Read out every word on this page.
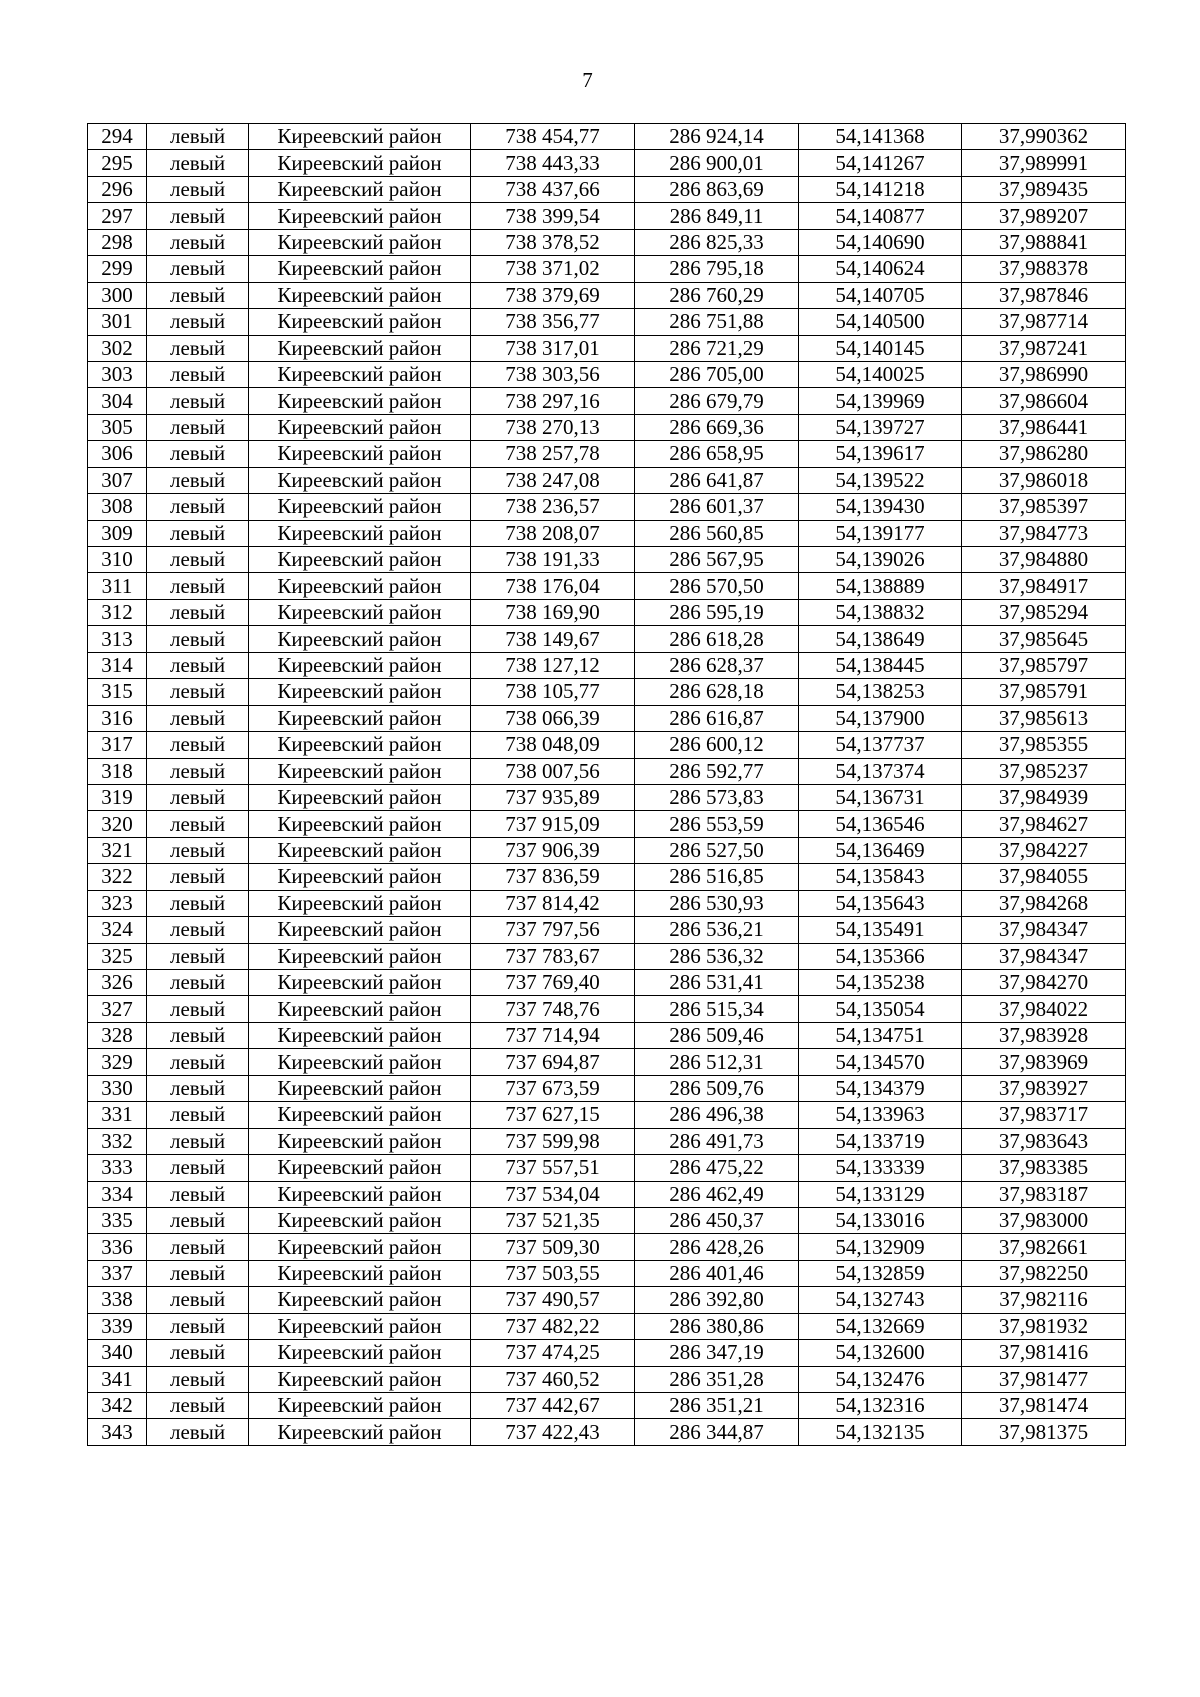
7
294	левый	Киреевский район	738 454,77	286 924,14	54,141368	37,990362
295	левый	Киреевский район	738 443,33	286 900,01	54,141267	37,989991
296	левый	Киреевский район	738 437,66	286 863,69	54,141218	37,989435
297	левый	Киреевский район	738 399,54	286 849,11	54,140877	37,989207
298	левый	Киреевский район	738 378,52	286 825,33	54,140690	37,988841
299	левый	Киреевский район	738 371,02	286 795,18	54,140624	37,988378
300	левый	Киреевский район	738 379,69	286 760,29	54,140705	37,987846
301	левый	Киреевский район	738 356,77	286 751,88	54,140500	37,987714
302	левый	Киреевский район	738 317,01	286 721,29	54,140145	37,987241
303	левый	Киреевский район	738 303,56	286 705,00	54,140025	37,986990
304	левый	Киреевский район	738 297,16	286 679,79	54,139969	37,986604
305	левый	Киреевский район	738 270,13	286 669,36	54,139727	37,986441
306	левый	Киреевский район	738 257,78	286 658,95	54,139617	37,986280
307	левый	Киреевский район	738 247,08	286 641,87	54,139522	37,986018
308	левый	Киреевский район	738 236,57	286 601,37	54,139430	37,985397
309	левый	Киреевский район	738 208,07	286 560,85	54,139177	37,984773
310	левый	Киреевский район	738 191,33	286 567,95	54,139026	37,984880
311	левый	Киреевский район	738 176,04	286 570,50	54,138889	37,984917
312	левый	Киреевский район	738 169,90	286 595,19	54,138832	37,985294
313	левый	Киреевский район	738 149,67	286 618,28	54,138649	37,985645
314	левый	Киреевский район	738 127,12	286 628,37	54,138445	37,985797
315	левый	Киреевский район	738 105,77	286 628,18	54,138253	37,985791
316	левый	Киреевский район	738 066,39	286 616,87	54,137900	37,985613
317	левый	Киреевский район	738 048,09	286 600,12	54,137737	37,985355
318	левый	Киреевский район	738 007,56	286 592,77	54,137374	37,985237
319	левый	Киреевский район	737 935,89	286 573,83	54,136731	37,984939
320	левый	Киреевский район	737 915,09	286 553,59	54,136546	37,984627
321	левый	Киреевский район	737 906,39	286 527,50	54,136469	37,984227
322	левый	Киреевский район	737 836,59	286 516,85	54,135843	37,984055
323	левый	Киреевский район	737 814,42	286 530,93	54,135643	37,984268
324	левый	Киреевский район	737 797,56	286 536,21	54,135491	37,984347
325	левый	Киреевский район	737 783,67	286 536,32	54,135366	37,984347
326	левый	Киреевский район	737 769,40	286 531,41	54,135238	37,984270
327	левый	Киреевский район	737 748,76	286 515,34	54,135054	37,984022
328	левый	Киреевский район	737 714,94	286 509,46	54,134751	37,983928
329	левый	Киреевский район	737 694,87	286 512,31	54,134570	37,983969
330	левый	Киреевский район	737 673,59	286 509,76	54,134379	37,983927
331	левый	Киреевский район	737 627,15	286 496,38	54,133963	37,983717
332	левый	Киреевский район	737 599,98	286 491,73	54,133719	37,983643
333	левый	Киреевский район	737 557,51	286 475,22	54,133339	37,983385
334	левый	Киреевский район	737 534,04	286 462,49	54,133129	37,983187
335	левый	Киреевский район	737 521,35	286 450,37	54,133016	37,983000
336	левый	Киреевский район	737 509,30	286 428,26	54,132909	37,982661
337	левый	Киреевский район	737 503,55	286 401,46	54,132859	37,982250
338	левый	Киреевский район	737 490,57	286 392,80	54,132743	37,982116
339	левый	Киреевский район	737 482,22	286 380,86	54,132669	37,981932
340	левый	Киреевский район	737 474,25	286 347,19	54,132600	37,981416
341	левый	Киреевский район	737 460,52	286 351,28	54,132476	37,981477
342	левый	Киреевский район	737 442,67	286 351,21	54,132316	37,981474
343	левый	Киреевский район	737 422,43	286 344,87	54,132135	37,981375
